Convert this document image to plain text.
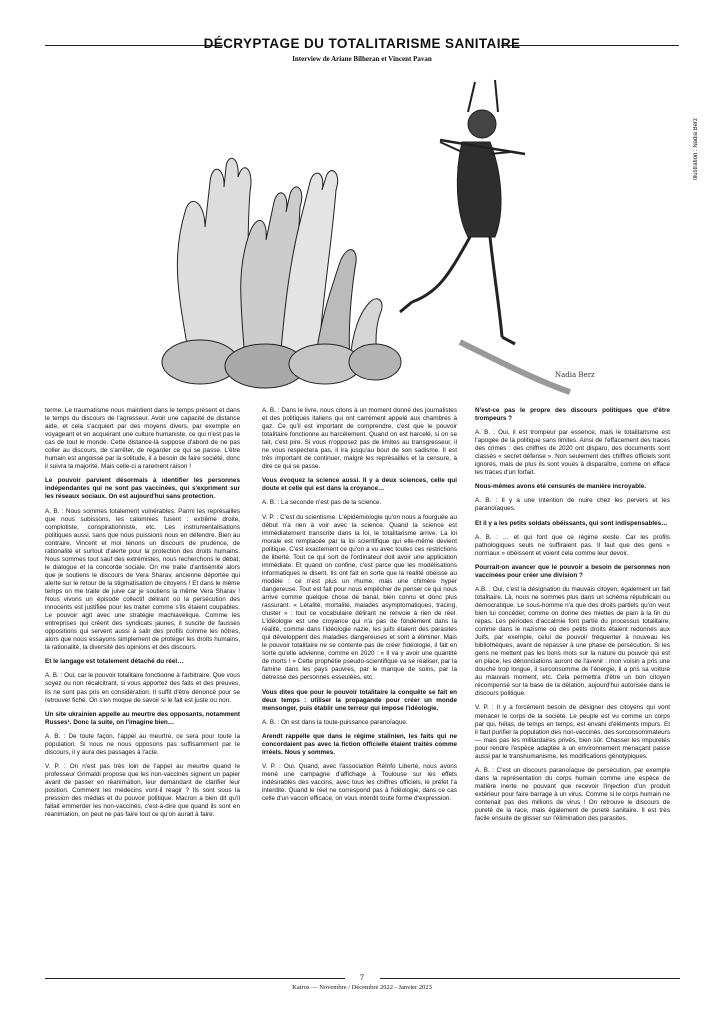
DÉCRYPTAGE DU TOTALITARISME SANITAIRE
Interview de Ariane Bilheran et Vincent Pavan
Illustration : Nadia Berz
Nadia Berz

terme. Le traumatisme nous maintient dans le temps présent et dans le temps du discours de l'agresseur. Avoir une capacité de distance aide, et cela s'acquiert par des moyens divers, par exemple en voyageant et en acquérant une culture humaniste, ce qui n'est pas le cas de tout le monde. Cette distance-là suppose d'abord de ne pas coller au discours, de s'arrêter, de regarder ce qui se passe. L'être humain est angoissé par la solitude, il a besoin de faire société, donc il suivra la majorité. Mais celle-ci a rarement raison !

Le pouvoir parvient désormais à identifier les personnes indépendantes qui ne sont pas vaccinées, qui s'expriment sur les réseaux sociaux. On est aujourd'hui sans protection.

A. B. : Nous sommes totalement vulnérables. Parmi les représailles que nous subissons, les calomnies fusent : extrême droite, complotiste, conspirationniste, etc. Les instrumentalisations politiques aussi, sans que nous puissions nous en défendre. Bien au contraire, Vincent et moi tenons un discours de prudence, de rationalité et surtout d'alerte pour la protection des droits humains. Nous sommes tout sauf des extrémistes, nous recherchons le débat, le dialogue et la concorde sociale. On me traite d'antisémite alors que je soutiens le discours de Vera Sharav, ancienne déportée qui alerte sur le retour de la stigmatisation de citoyens ! Et dans le même temps on me traite de juive car je soutiens la même Vera Sharav ! Nous vivons un épisode collectif délirant où la persécution des innocents est justifiée pour les traiter comme s'ils étaient coupables. Le pouvoir agit avec une stratégie machiavélique. Comme les entreprises qui créent des syndicats jaunes, il suscite de fausses oppositions qui servent aussi à salir des profils comme les nôtres, alors que nous essayons simplement de protéger les droits humains, la rationalité, la diversité des opinions et des discours.

Et le langage est totalement détaché du réel…

A. B. : Oui, car le pouvoir totalitaire fonctionne à l'arbitraire. Que vous soyez ou non récalcitrant, si vous apportez des faits et des preuves, ils ne sont pas pris en considération. Il suffit d'être dénoncé pour se retrouver fiché. On s'en moque de savoir si le fait est juste ou non.

Un site ukrainien appelle au meurtre des opposants, notamment Russes¹. Donc la suite, on l'imagine bien…

A. B. : De toute façon, l'appel au meurtre, ce sera pour toute la population. Si nous ne nous opposons pas suffisamment par le discours, il y aura des passages à l'acte.

V. P. : On n'est pas très loin de l'appel au meurtre quand le professeur Grimaldi propose que les non-vaccinés signent un papier avant de passer en réanimation, leur demandant de clarifier leur position. Comment les médecins vont-il réagir ? Ils sont sous la pression des médias et du pouvoir politique. Macron a bien dit qu'il fallait emmerder les non-vaccinés, c'est-à-dire que quand ils sont en réanimation, on peut ne pas faire tout ce qu'on aurait à faire.

A. B. : Dans le livre, nous citons à un moment donné des journalistes et des politiques italiens qui ont carrément appelé aux chambres à gaz. Ce qu'il est important de comprendre, c'est que le pouvoir totalitaire fonctionne au harcèlement. Quand on est harcelé, si on se tait, c'est pire. Si vous n'opposez pas de limites au transgresseur, il ne vous respectera pas, il ira jusqu'au bout de son sadisme. Il est très important de continuer, malgré les représailles et la censure, à dire ce qui se passe.

Vous évoquez la science aussi. Il y a deux sciences, celle qui doute et celle qui est dans la croyance…

A. B. : La seconde n'est pas de la science.

V. P. : C'est du scientisme. L'épidémiologie qu'on nous a fourguée au début n'a rien à voir avec la science. Quand la science est immédiatement transcrite dans la loi, le totalitarisme arrive. La loi morale est remplacée par la loi scientifique qui elle-même devient politique. C'est exactement ce qu'on a vu avec toutes ces restrictions de liberté. Tout ce qui sort de l'ordinateur doit avoir une application immédiate. Et quand on confine, c'est parce que les modélisations informatiques le disent. Ils ont fait en sorte que la réalité obéisse au modèle : ce n'est plus un rhume, mais une chimère hyper dangereuse. Tout est fait pour nous empêcher de penser ce qui nous arrive comme quelque chose de banal, bien connu et donc plus rassurant. « Létalité, mortalité, malades asymptomatiques, tracing, cluster » : tout ce vocabulaire délirant ne renvoie à rien de réel. L'idéologie est une croyance qui n'a pas de fondement dans la réalité, comme dans l'idéologie nazie, les juifs étaient des parasites qui développent des maladies dangereuses et sont à éliminer. Mais le pouvoir totalitaire ne se contente pas de créer l'idéologie, il fait en sorte qu'elle advienne, comme en 2020 : « Il va y avoir une quantité de morts ! » Cette prophétie pseudo-scientifique va se réaliser, par la famine dans les pays pauvres, par le manque de soins, par la détresse des personnes esseulées, etc.

Vous dites que pour le pouvoir totalitaire la conquête se fait en deux temps : utiliser la propagande pour créer un monde mensonger, puis établir une terreur qui impose l'idéologie.

A. B. : On est dans la toute-puissance paranoïaque.

Arendt rappelle que dans le régime stalinien, les faits qui ne concordaient pas avec la fiction officielle étaient traités comme irréels. Nous y sommes.

V. P. : Oui. Quand, avec l'association RéInfo Liberté, nous avons mené une campagne d'affichage à Toulouse sur les effets indésirables des vaccins, avec tous les chiffres officiels, le préfet l'a interdite. Quand le réel ne correspond pas à l'idéologie, dans ce cas celle d'un vaccin efficace, on vous interdit toute forme d'expression.

N'est-ce pas le propre des discours politiques que d'être trompeurs ?

A. B. : Oui, il est trompeur par essence, mais le totalitarisme est l'apogée de la politique sans limites. Ainsi de l'effacement des traces des crimes : des chiffres de 2020 ont disparu, des documents sont classés « secret défense ». Non seulement des chiffres officiels sont ignorés, mais de plus ils sont voués à disparaître, comme on efface les traces d'un forfait.

Nous-mêmes avons été censurés de manière incroyable.

A. B. : Il y a une intention de nuire chez les pervers et les paranoïaques.

Et il y a les petits soldats obéissants, qui sont indispensables…

A. B. : … et qui font que ce régime existe. Car les profils pathologiques seuls ne suffiraient pas. Il faut que des gens « normaux » obéissent et voient cela comme leur devoir.

Pourrait-on avancer que le pouvoir a besoin de personnes non vaccinées pour créer une division ?

A.B. : Oui, c'est la désignation du mauvais citoyen, également un fait totalitaire. Là, nous ne sommes plus dans un schéma républicain ou démocratique. Le sous-homme n'a que des droits partiels qu'on veut bien lui concéder, comme on donne des miettes de pain à la fin du repas. Les périodes d'accalmie font partie du processus totalitaire, comme dans le nazisme où des petits droits étaient redonnés aux Juifs, par exemple, celui de pouvoir fréquenter à nouveau les bibliothèques, avant de repasser à une phase de persécution. Si les gens ne mettent pas les bons mots sur la nature du pouvoir qui est en place, les dénonciations auront de l'avenir : mon voisin a pris une douche trop longue, il surconsomme de l'énergie, il a pris sa voiture au mauvais moment, etc. Cela permettra d'être un bon citoyen récompensé sur la base de la délation, aujourd'hui autorisée dans le discours politique.

V. P. : Il y a forcément besoin de désigner des citoyens qui vont menacer le corps de la société. Le peuple est vu comme un corps par qui, hélas, de temps en temps, est envahi d'éléments impurs. Et il faut purifier la population des non-vaccinés, des surconsommateurs — mais pas les milliardaires privés, bien sûr. Chasser les impuretés pour rendre l'espèce adaptée à un environnement menaçant passe aussi par le transhumanisme, les modifications génotypiques.

A. B. : C'est un discours paranoïaque de persécution, par exemple dans la représentation du corps humain comme une espèce de matière inerte ne pouvant que recevoir l'injection d'un produit extérieur pour faire barrage à un virus. Comme si le corps humain ne contenait pas des millions de virus ! On retrouve le discours de pureté de la race, mais également de pureté sanitaire. Il est très facile ensuite de glisser sur l'élimination des parasites.

7
Kairos — Novembre / Décembre 2022 - Janvier 2023
